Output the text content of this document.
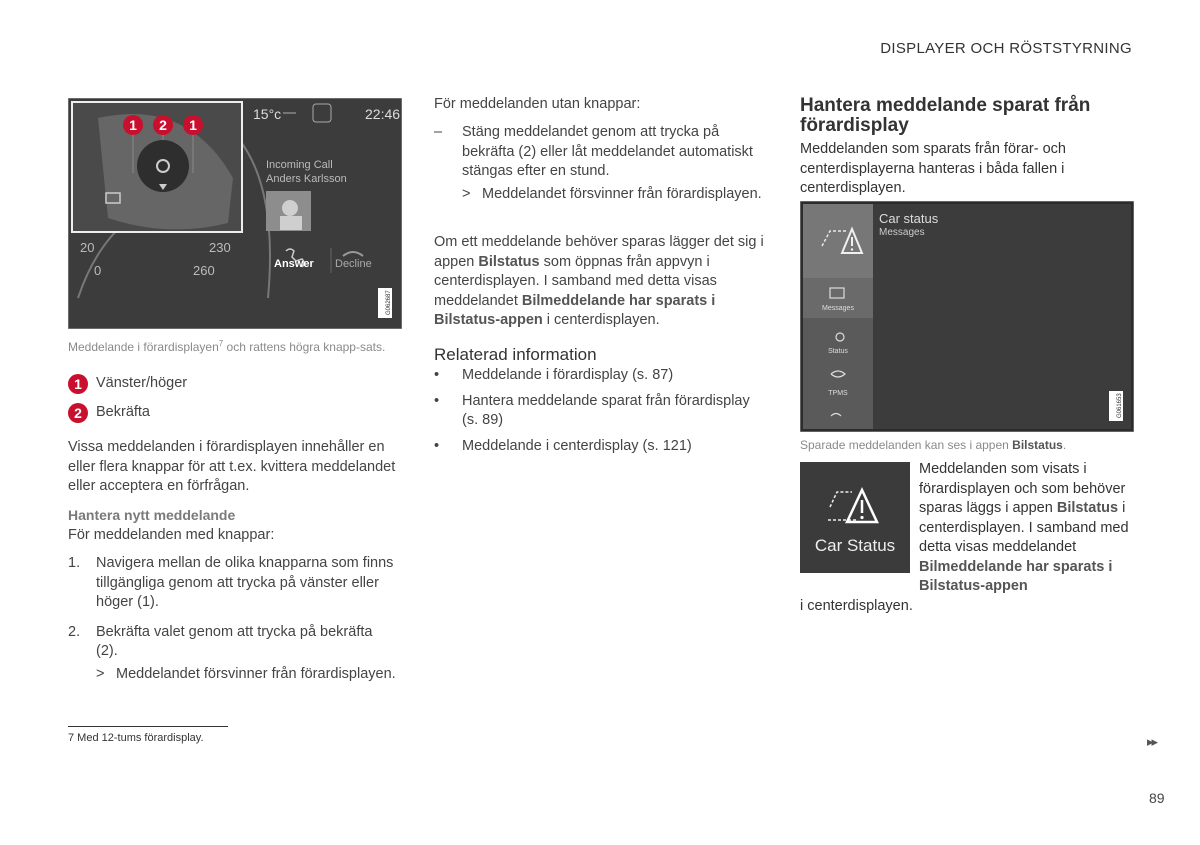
DISPLAYER OCH RÖSTSTYRNING
15°c	22:46
Incoming Call
Anders Karlsson
Answer Decline
20
0
230
260
1	2	1
G062687
Meddelande i förardisplayen$^7$ och rattens högra knapp-sats.
1 Vänster/höger
2 Bekräfta
Vissa meddelanden i förardisplayen innehåller en eller flera knappar för att t.ex. kvittera meddelandet eller acceptera en förfrågan.
Hantera nytt meddelande
För meddelanden med knappar:
1. Navigera mellan de olika knapparna som finns tillgängliga genom att trycka på vänster eller höger (1).
2. Bekräfta valet genom att trycka på bekräfta (2).
> Meddelandet försvinner från förardisplayen.
7 Med 12-tums förardisplay.
För meddelanden utan knappar:
– Stäng meddelandet genom att trycka på bekräfta (2) eller låt meddelandet automatiskt stängas efter en stund.
> Meddelandet försvinner från förardisplayen.
Om ett meddelande behöver sparas lägger det sig i appen Bilstatus som öppnas från appvyn i centerdisplayen. I samband med detta visas meddelandet Bilmeddelande har sparats i Bilstatus-appen i centerdisplayen.
Relaterad information
• Meddelande i förardisplay (s. 87)
• Hantera meddelande sparat från förardisplay (s. 89)
• Meddelande i centerdisplay (s. 121)
Hantera meddelande sparat från förardisplay
Meddelanden som sparats från förar- och centerdisplayerna hanteras i båda fallen i centerdisplayen.
Car status
Messages
Messages
Status
TPMS	G061653
Sparade meddelanden kan ses i appen Bilstatus.
Car Status
Meddelanden som visats i förardisplayen och som behöver sparas läggs i appen Bilstatus i centerdisplayen. I samband med detta visas meddelandet Bilmeddelande har sparats i Bilstatus-appen
i centerdisplayen.
▸▸
89
